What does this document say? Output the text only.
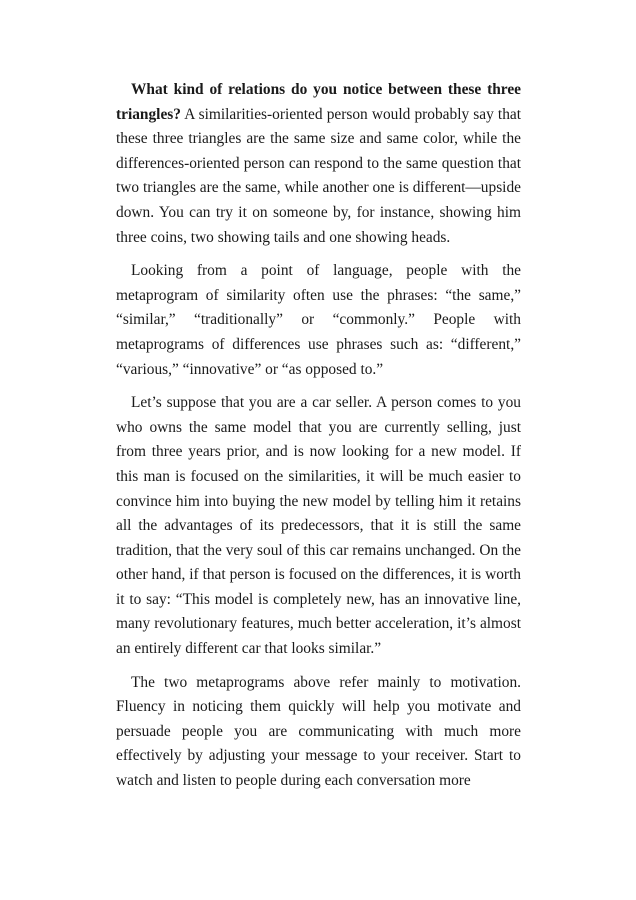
What kind of relations do you notice between these three triangles? A similarities-oriented person would probably say that these three triangles are the same size and same color, while the differences-oriented person can respond to the same question that two triangles are the same, while another one is different—upside down. You can try it on someone by, for instance, showing him three coins, two showing tails and one showing heads.

Looking from a point of language, people with the metaprogram of similarity often use the phrases: “the same,” “similar,” “traditionally” or “commonly.” People with metaprograms of differences use phrases such as: “different,” “various,” “innovative” or “as opposed to.”

Let’s suppose that you are a car seller. A person comes to you who owns the same model that you are currently selling, just from three years prior, and is now looking for a new model. If this man is focused on the similarities, it will be much easier to convince him into buying the new model by telling him it retains all the advantages of its predecessors, that it is still the same tradition, that the very soul of this car remains unchanged. On the other hand, if that person is focused on the differences, it is worth it to say: “This model is completely new, has an innovative line, many revolutionary features, much better acceleration, it’s almost an entirely different car that looks similar.”

The two metaprograms above refer mainly to motivation. Fluency in noticing them quickly will help you motivate and persuade people you are communicating with much more effectively by adjusting your message to your receiver. Start to watch and listen to people during each conversation more
